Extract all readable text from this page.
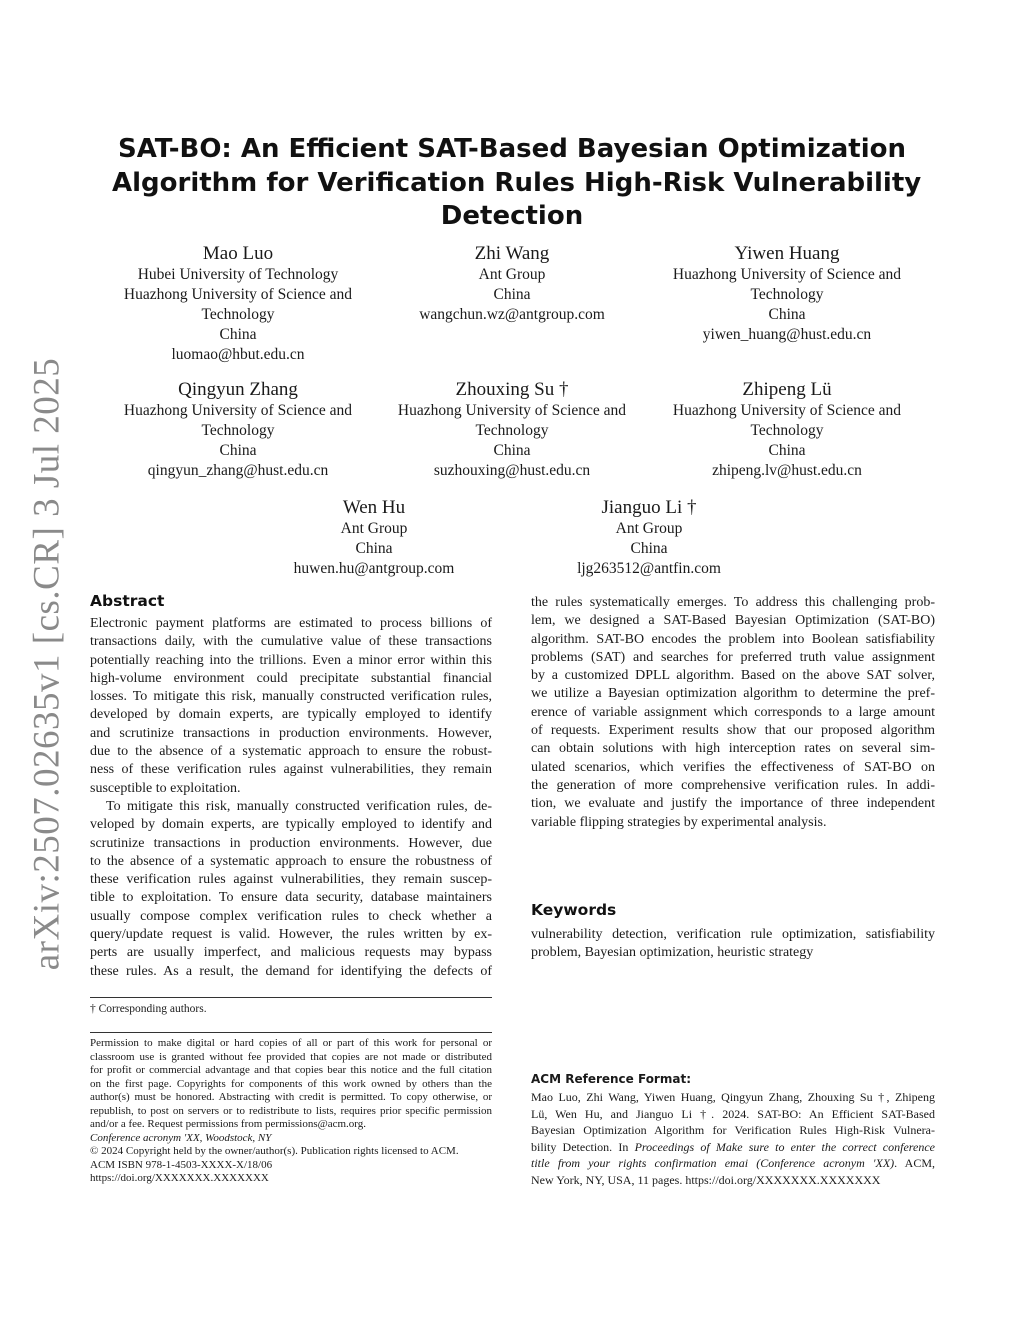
arXiv:2507.02635v1 [cs.CR] 3 Jul 2025
SAT-BO: An Efficient SAT-Based Bayesian Optimization
Algorithm for Verification Rules High-Risk Vulnerability
Detection
Mao Luo
Hubei University of Technology
Huazhong University of Science and
Technology
China
luomao@hbut.edu.cn
Zhi Wang
Ant Group
China
wangchun.wz@antgroup.com
Yiwen Huang
Huazhong University of Science and
Technology
China
yiwen_huang@hust.edu.cn
Qingyun Zhang
Huazhong University of Science and
Technology
China
qingyun_zhang@hust.edu.cn
Zhouxing Su †
Huazhong University of Science and
Technology
China
suzhouxing@hust.edu.cn
Zhipeng Lü
Huazhong University of Science and
Technology
China
zhipeng.lv@hust.edu.cn
Wen Hu
Ant Group
China
huwen.hu@antgroup.com
Jianguo Li †
Ant Group
China
ljg263512@antfin.com
Abstract
Electronic payment platforms are estimated to process billions of
transactions daily, with the cumulative value of these transactions
potentially reaching into the trillions. Even a minor error within this
high-volume environment could precipitate substantial financial
losses. To mitigate this risk, manually constructed verification rules,
developed by domain experts, are typically employed to identify
and scrutinize transactions in production environments. However,
due to the absence of a systematic approach to ensure the robust-
ness of these verification rules against vulnerabilities, they remain
susceptible to exploitation.
To mitigate this risk, manually constructed verification rules, de-
veloped by domain experts, are typically employed to identify and
scrutinize transactions in production environments. However, due
to the absence of a systematic approach to ensure the robustness of
these verification rules against vulnerabilities, they remain suscep-
tible to exploitation. To ensure data security, database maintainers
usually compose complex verification rules to check whether a
query/update request is valid. However, the rules written by ex-
perts are usually imperfect, and malicious requests may bypass
these rules. As a result, the demand for identifying the defects of
† Corresponding authors.
Permission to make digital or hard copies of all or part of this work for personal or
classroom use is granted without fee provided that copies are not made or distributed
for profit or commercial advantage and that copies bear this notice and the full citation
on the first page. Copyrights for components of this work owned by others than the
author(s) must be honored. Abstracting with credit is permitted. To copy otherwise, or
republish, to post on servers or to redistribute to lists, requires prior specific permission
and/or a fee. Request permissions from permissions@acm.org.
Conference acronym 'XX, Woodstock, NY
© 2024 Copyright held by the owner/author(s). Publication rights licensed to ACM.
ACM ISBN 978-1-4503-XXXX-X/18/06
https://doi.org/XXXXXXX.XXXXXXX
the rules systematically emerges. To address this challenging prob-
lem, we designed a SAT-Based Bayesian Optimization (SAT-BO)
algorithm. SAT-BO encodes the problem into Boolean satisfiability
problems (SAT) and searches for preferred truth value assignment
by a customized DPLL algorithm. Based on the above SAT solver,
we utilize a Bayesian optimization algorithm to determine the pref-
erence of variable assignment which corresponds to a large amount
of requests. Experiment results show that our proposed algorithm
can obtain solutions with high interception rates on several sim-
ulated scenarios, which verifies the effectiveness of SAT-BO on
the generation of more comprehensive verification rules. In addi-
tion, we evaluate and justify the importance of three independent
variable flipping strategies by experimental analysis.
Keywords
vulnerability detection, verification rule optimization, satisfiability
problem, Bayesian optimization, heuristic strategy
ACM Reference Format:
Mao Luo, Zhi Wang, Yiwen Huang, Qingyun Zhang, Zhouxing Su †, Zhipeng
Lü, Wen Hu, and Jianguo Li †. 2024. SAT-BO: An Efficient SAT-Based
Bayesian Optimization Algorithm for Verification Rules High-Risk Vulnera-
bility Detection. In Proceedings of Make sure to enter the correct conference
title from your rights confirmation emai (Conference acronym 'XX). ACM,
New York, NY, USA, 11 pages. https://doi.org/XXXXXXX.XXXXXXX
